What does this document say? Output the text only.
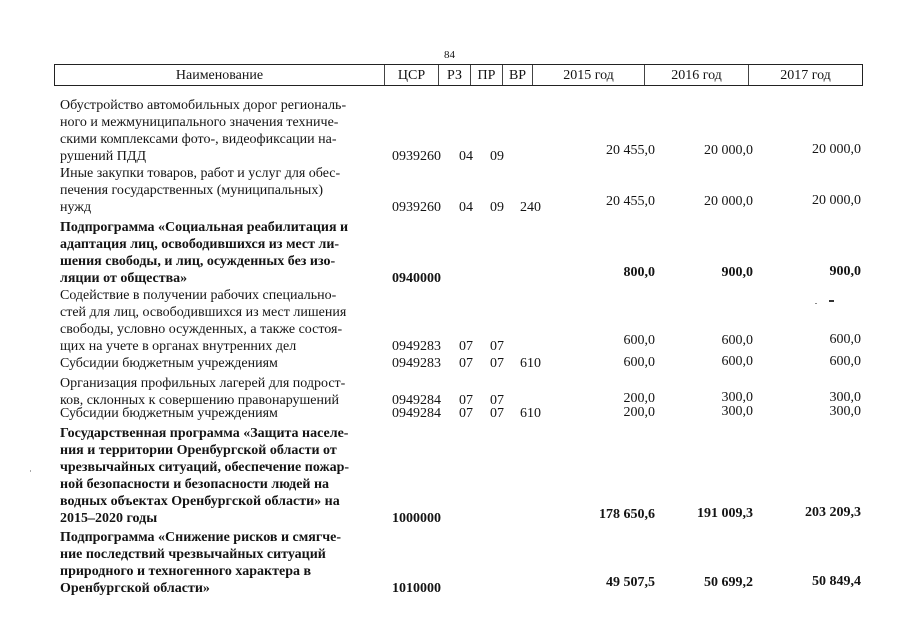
84
Наименование	ЦСР	РЗ	ПР ВР	2015 год	2016 год	2017 год
Обустройство автомобильных дорог региональ-
ного и межмуниципального значения техниче-
скими комплексами фото-, видеофиксации на-
рушений ПДД	0939260 04 09	20 455,0	20 000,0	20 000,0
Иные закупки товаров, работ и услуг для обес-
печения государственных (муниципальных)
нужд	0939260 04 09 240	20 455,0	20 000,0	20 000,0
Подпрограмма «Социальная реабилитация и
адаптация лиц, освободившихся из мест ли-
шения свободы, и лиц, осужденных без изо-
ляции от общества»	0940000	800,0	900,0	900,0
Содействие в получении рабочих специально-
стей для лиц, освободившихся из мест лишения
свободы, условно осужденных, а также состоя-
щих на учете в органах внутренних дел	0949283 07 07	600,0	600,0	600,0
Субсидии бюджетным учреждениям	0949283 07 07 610	600,0	600,0	600,0
Организация профильных лагерей для подрост-
ков, склонных к совершению правонарушений	0949284 07 07	200,0	300,0	300,0
Субсидии бюджетным учреждениям	0949284 07 07 610	200,0	300,0	300,0
Государственная программа «Защита населе-
ния и территории Оренбургской области от
чрезвычайных ситуаций, обеспечение пожар-
ной безопасности и безопасности людей на
водных объектах Оренбургской области» на
2015–2020 годы	1000000	178 650,6	191 009,3	203 209,3
Подпрограмма «Снижение рисков и смягче-
ние последствий чрезвычайных ситуаций
природного и техногенного характера в
Оренбургской области»	1010000	49 507,5	50 699,2	50 849,4
